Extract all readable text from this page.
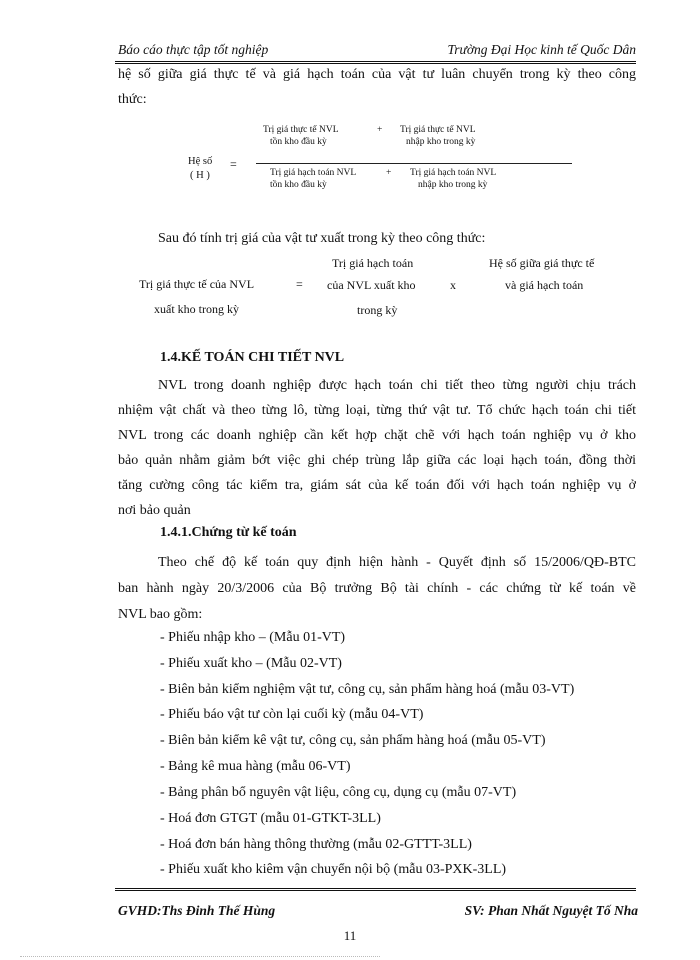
Báo cáo thực tập tốt nghiệp	Trường Đại Học kinh tế Quốc Dân
hệ số giữa giá thực tế và giá hạch toán của vật tư luân chuyển trong kỳ theo công
thức:
Hệ số
( H )
=
Trị giá thực tế NVL
tồn kho đầu kỳ
+ Trị giá thực tế NVL
nhập kho trong kỳ
Trị giá hạch toán NVL
tồn kho đầu kỳ
+ Trị giá hạch toán NVL
nhập kho trong kỳ
Sau đó tính trị giá của vật tư xuất trong kỳ theo công thức:
Trị giá thực tế của NVL
xuất kho trong kỳ
=
Trị giá hạch toán
của NVL xuất kho
trong kỳ
x
Hệ số giữa giá thực tế
và giá hạch toán
1.4.KẾ TOÁN CHI TIẾT NVL
NVL trong doanh nghiệp được hạch toán chi tiết theo từng người chịu trách
nhiệm vật chất và theo từng lô, từng loại, từng thứ vật tư. Tổ chức hạch toán chi tiết
NVL trong các doanh nghiệp cần kết hợp chặt chẽ với hạch toán nghiệp vụ ở kho
bảo quản nhằm giảm bớt việc ghi chép trùng lắp giữa các loại hạch toán, đồng thời
tăng cường công tác kiểm tra, giám sát của kế toán đối với hạch toán nghiệp vụ ở
nơi bảo quản
1.4.1.Chứng từ kế toán
Theo chế độ kế toán quy định hiện hành - Quyết định số 15/2006/QĐ-BTC
ban hành ngày 20/3/2006 của Bộ trưởng Bộ tài chính - các chứng từ kế toán về
NVL bao gồm:
- Phiếu nhập kho – (Mẫu 01-VT)
- Phiếu xuất kho – (Mẫu 02-VT)
- Biên bản kiểm nghiệm vật tư, công cụ, sản phẩm hàng hoá (mẫu 03-VT)
- Phiếu báo vật tư còn lại cuối kỳ (mẫu 04-VT)
- Biên bản kiểm kê vật tư, công cụ, sản phẩm hàng hoá (mẫu 05-VT)
- Bảng kê mua hàng (mẫu 06-VT)
- Bảng phân bổ nguyên vật liệu, công cụ, dụng cụ (mẫu 07-VT)
- Hoá đơn GTGT (mẫu 01-GTKT-3LL)
- Hoá đơn bán hàng thông thường (mẫu 02-GTTT-3LL)
- Phiếu xuất kho kiêm vận chuyển nội bộ (mẫu 03-PXK-3LL)
GVHD:Ths Đinh Thế Hùng	SV: Phan Nhất Nguyệt Tố Nha
11
